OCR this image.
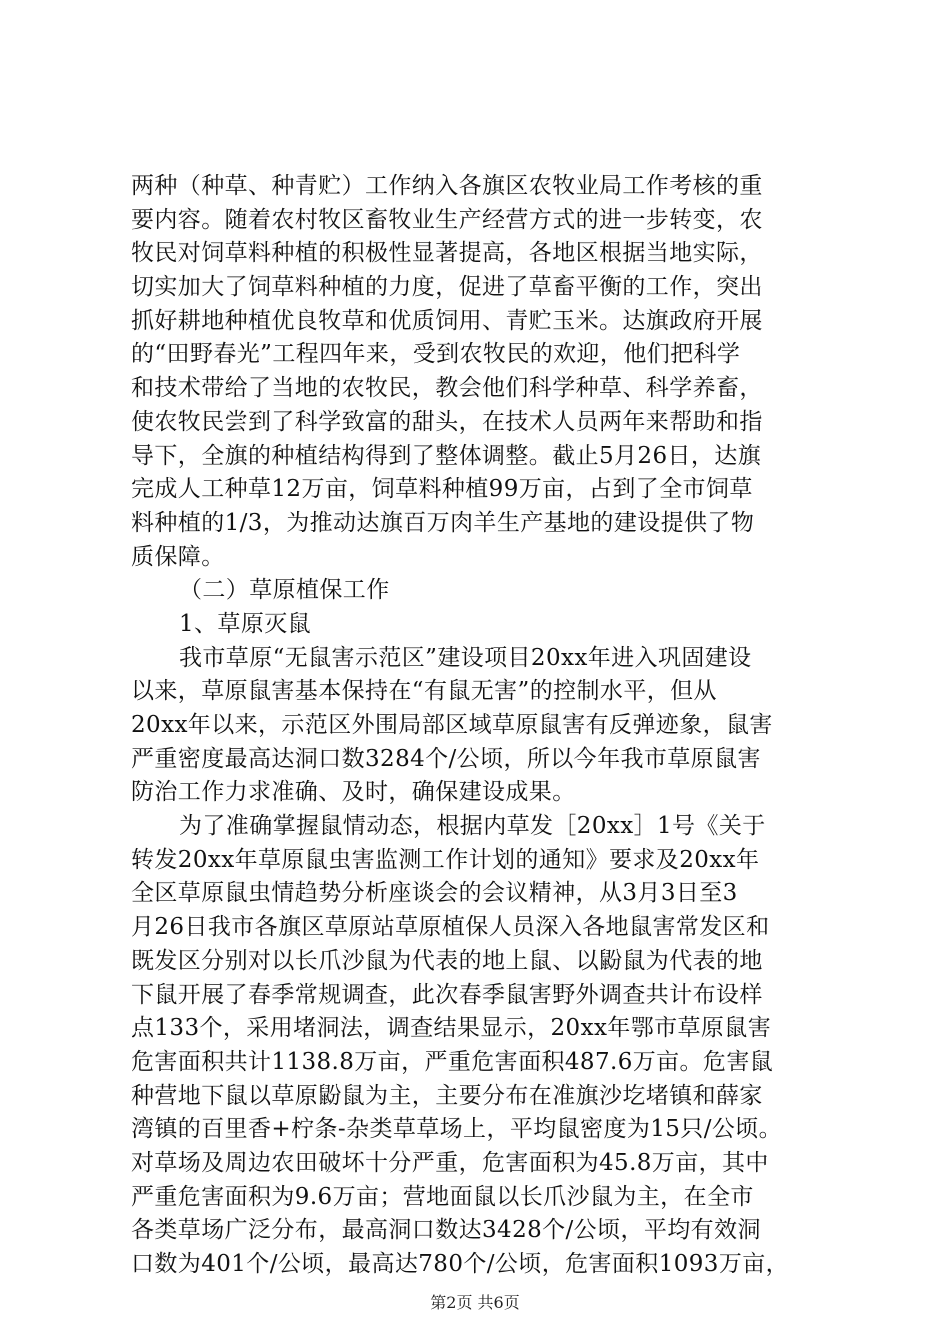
两种（种草、种青贮）工作纳入各旗区农牧业局工作考核的重
要内容。随着农村牧区畜牧业生产经营方式的进一步转变，农
牧民对饲草料种植的积极性显著提高，各地区根据当地实际，
切实加大了饲草料种植的力度，促进了草畜平衡的工作，突出
抓好耕地种植优良牧草和优质饲用、青贮玉米。达旗政府开展
的“田野春光”工程四年来，受到农牧民的欢迎，他们把科学
和技术带给了当地的农牧民，教会他们科学种草、科学养畜，
使农牧民尝到了科学致富的甜头，在技术人员两年来帮助和指
导下，全旗的种植结构得到了整体调整。截止5月26日，达旗
完成人工种草12万亩，饲草料种植99万亩，占到了全市饲草
料种植的1/3，为推动达旗百万肉羊生产基地的建设提供了物
质保障。
（二）草原植保工作
1、草原灭鼠
我市草原“无鼠害示范区”建设项目20xx年进入巩固建设
以来，草原鼠害基本保持在“有鼠无害”的控制水平，但从
20xx年以来，示范区外围局部区域草原鼠害有反弹迹象，鼠害
严重密度最高达洞口数3284个/公顷，所以今年我市草原鼠害
防治工作力求准确、及时，确保建设成果。
为了准确掌握鼠情动态，根据内草发［20xx］1号《关于
转发20xx年草原鼠虫害监测工作计划的通知》要求及20xx年
全区草原鼠虫情趋势分析座谈会的会议精神，从3月3日至3
月26日我市各旗区草原站草原植保人员深入各地鼠害常发区和
既发区分别对以长爪沙鼠为代表的地上鼠、以鼢鼠为代表的地
下鼠开展了春季常规调查，此次春季鼠害野外调查共计布设样
点133个，采用堵洞法，调查结果显示，20xx年鄂市草原鼠害
危害面积共计1138.8万亩，严重危害面积487.6万亩。危害鼠
种营地下鼠以草原鼢鼠为主，主要分布在准旗沙圪堵镇和薛家
湾镇的百里香+柠条-杂类草草场上，平均鼠密度为15只/公顷。
对草场及周边农田破坏十分严重，危害面积为45.8万亩，其中
严重危害面积为9.6万亩；营地面鼠以长爪沙鼠为主，在全市
各类草场广泛分布，最高洞口数达3428个/公顷，平均有效洞
口数为401个/公顷，最高达780个/公顷，危害面积1093万亩，
第2页 共6页
